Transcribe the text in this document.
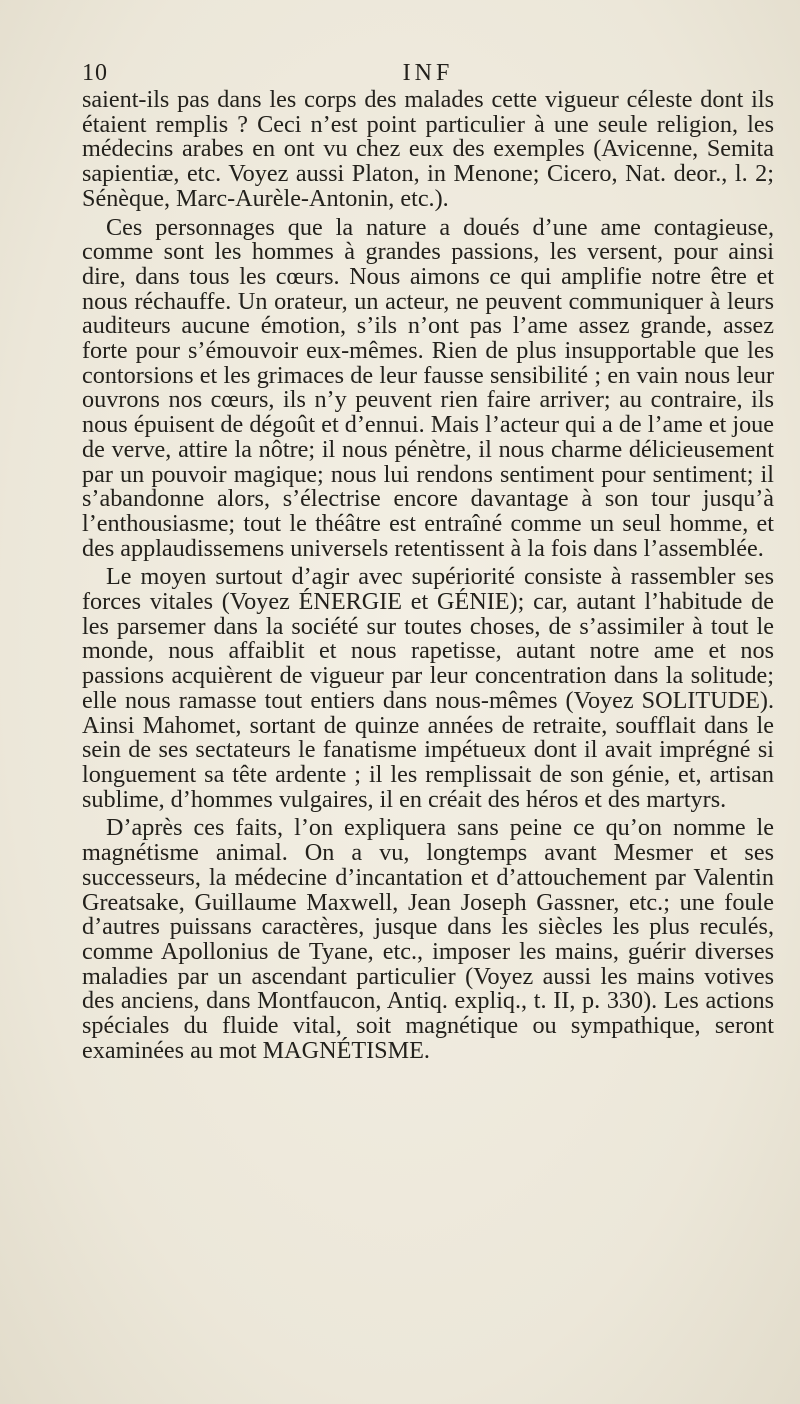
10	INF

saient-ils pas dans les corps des malades cette vigueur céleste dont ils étaient remplis ? Ceci n’est point particulier à une seule religion, les médecins arabes en ont vu chez eux des exemples (Avicenne, Semita sapientiæ, etc. Voyez aussi Platon, in Menone; Cicero, Nat. deor., l. 2; Sénèque, Marc-Aurèle-Antonin, etc.).

Ces personnages que la nature a doués d’une ame contagieuse, comme sont les hommes à grandes passions, les versent, pour ainsi dire, dans tous les cœurs. Nous aimons ce qui amplifie notre être et nous réchauffe. Un orateur, un acteur, ne peuvent communiquer à leurs auditeurs aucune émotion, s’ils n’ont pas l’ame assez grande, assez forte pour s’émouvoir eux-mêmes. Rien de plus insupportable que les contorsions et les grimaces de leur fausse sensibilité ; en vain nous leur ouvrons nos cœurs, ils n’y peuvent rien faire arriver; au contraire, ils nous épuisent de dégoût et d’ennui. Mais l’acteur qui a de l’ame et joue de verve, attire la nôtre; il nous pénètre, il nous charme délicieusement par un pouvoir magique; nous lui rendons sentiment pour sentiment; il s’abandonne alors, s’électrise encore davantage à son tour jusqu’à l’enthousiasme; tout le théâtre est entraîné comme un seul homme, et des applaudissemens universels retentissent à la fois dans l’assemblée.

Le moyen surtout d’agir avec supériorité consiste à rassembler ses forces vitales (Voyez ÉNERGIE et GÉNIE); car, autant l’habitude de les parsemer dans la société sur toutes choses, de s’assimiler à tout le monde, nous affaiblit et nous rapetisse, autant notre ame et nos passions acquièrent de vigueur par leur concentration dans la solitude; elle nous ramasse tout entiers dans nous-mêmes (Voyez SOLITUDE). Ainsi Mahomet, sortant de quinze années de retraite, soufflait dans le sein de ses sectateurs le fanatisme impétueux dont il avait imprégné si longuement sa tête ardente ; il les remplissait de son génie, et, artisan sublime, d’hommes vulgaires, il en créait des héros et des martyrs.

D’après ces faits, l’on expliquera sans peine ce qu’on nomme le magnétisme animal. On a vu, longtemps avant Mesmer et ses successeurs, la médecine d’incantation et d’attouchement par Valentin Greatsake, Guillaume Maxwell, Jean Joseph Gassner, etc.; une foule d’autres puissans caractères, jusque dans les siècles les plus reculés, comme Apollonius de Tyane, etc., imposer les mains, guérir diverses maladies par un ascendant particulier (Voyez aussi les mains votives des anciens, dans Montfaucon, Antiq. expliq., t. II, p. 330). Les actions spéciales du fluide vital, soit magnétique ou sympathique, seront examinées au mot MAGNÉTISME.
